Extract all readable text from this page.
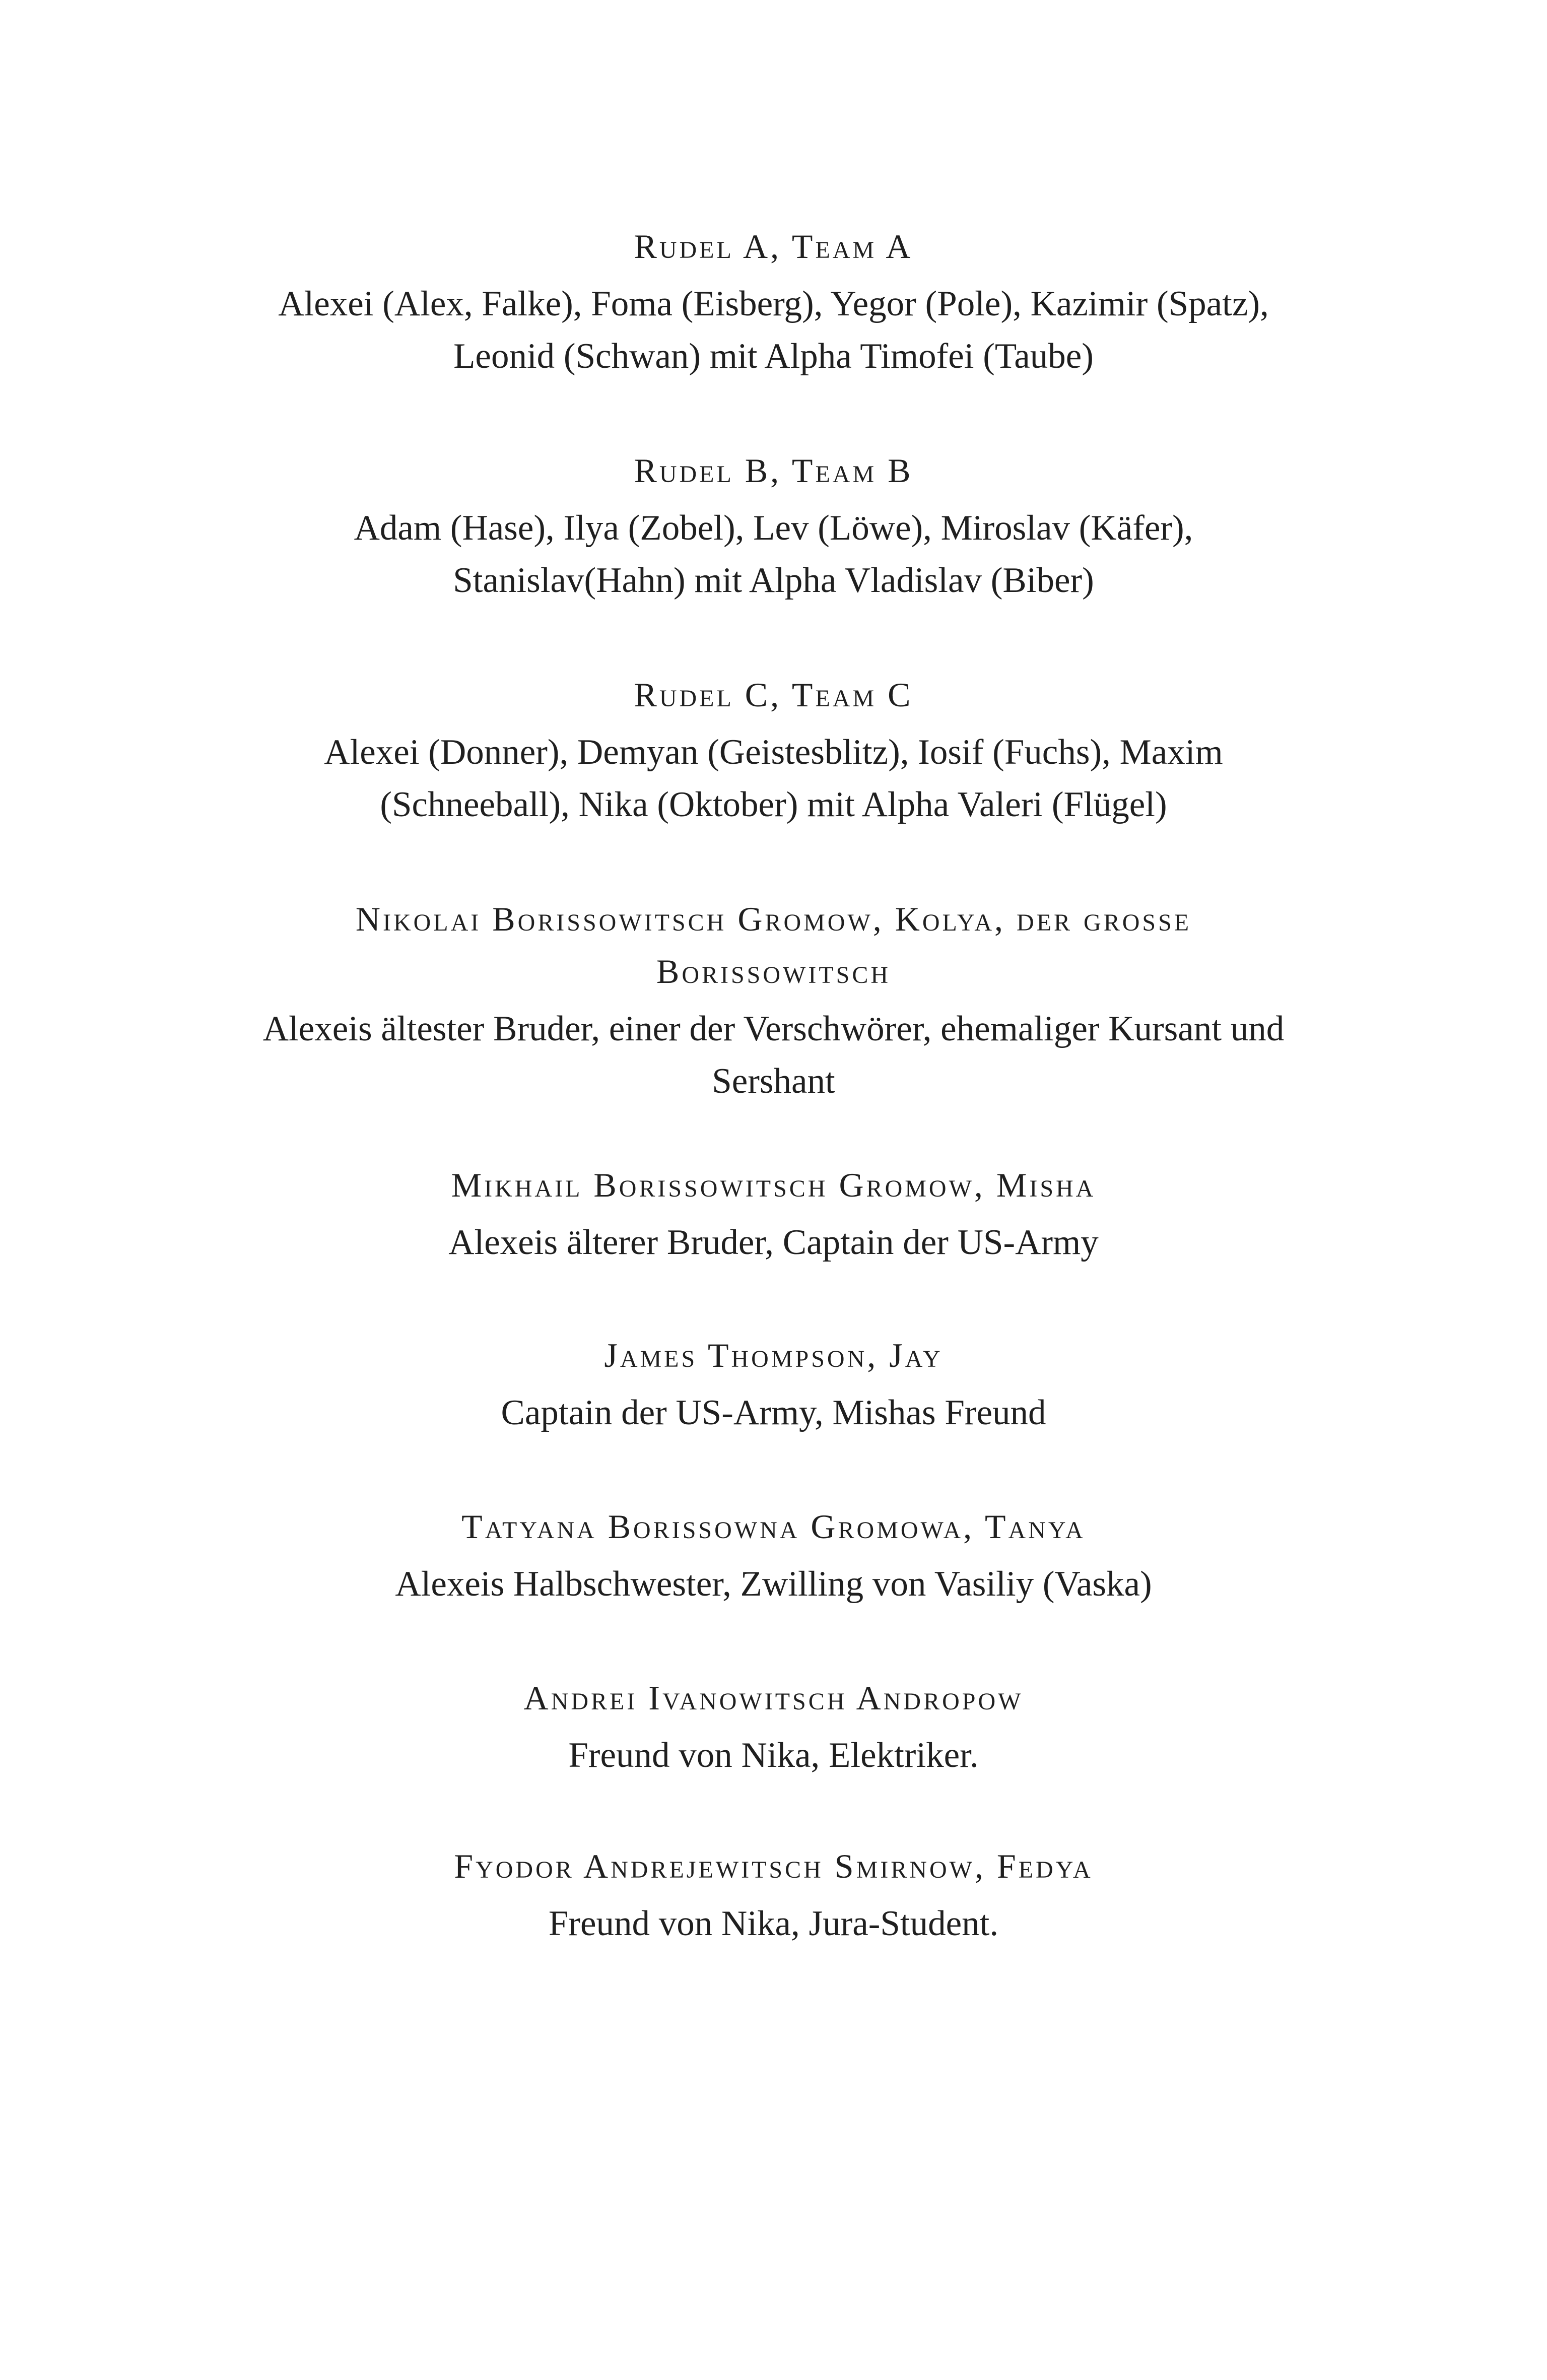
Rudel A, Team A
Alexei (Alex, Falke), Foma (Eisberg), Yegor (Pole), Kazimir (Spatz),
Leonid (Schwan) mit Alpha Timofei (Taube)
Rudel B, Team B
Adam (Hase), Ilya (Zobel), Lev (Löwe), Miroslav (Käfer),
Stanislav(Hahn) mit Alpha Vladislav (Biber)
Rudel C, Team C
Alexei (Donner), Demyan (Geistesblitz), Iosif (Fuchs), Maxim
(Schneeball), Nika (Oktober) mit Alpha Valeri (Flügel)
Nikolai Borissowitsch Gromow, Kolya, der grosse
Borissowitsch
Alexeis ältester Bruder, einer der Verschwörer, ehemaliger Kursant und
Sershant
Mikhail Borissowitsch Gromow, Misha
Alexeis älterer Bruder, Captain der US-Army
James Thompson, Jay
Captain der US-Army, Mishas Freund
Tatyana Borissowna Gromowa, Tanya
Alexeis Halbschwester, Zwilling von Vasiliy (Vaska)
Andrei Ivanowitsch Andropow
Freund von Nika, Elektriker.
Fyodor Andrejewitsch Smirnow, Fedya
Freund von Nika, Jura-Student.
